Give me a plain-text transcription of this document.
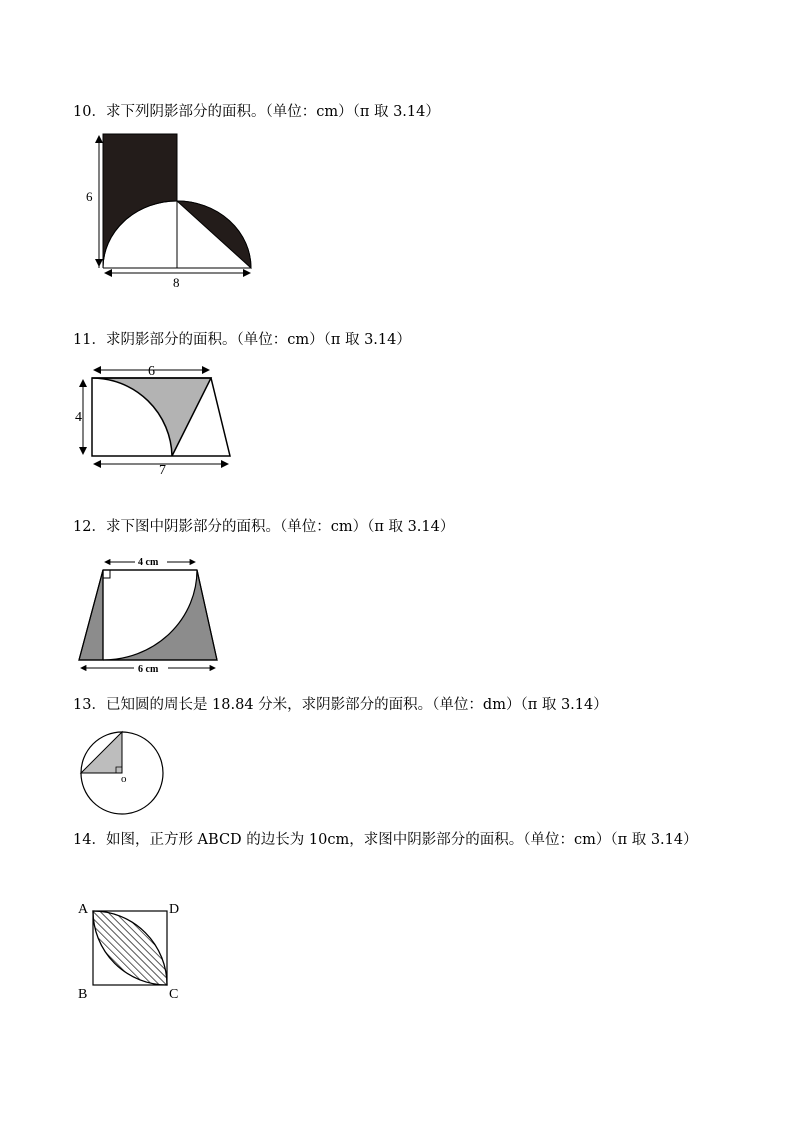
10．求下列阴影部分的面积。（单位：cm）（π 取 3.14）
6
8
11．求阴影部分的面积。（单位：cm）（π 取 3.14）
6
4
7
12．求下图中阴影部分的面积。（单位：cm）（π 取 3.14）
4 cm
6 cm
13．已知圆的周长是 18.84 分米，求阴影部分的面积。（单位：dm）（π 取 3.14）
o
14．如图，正方形 ABCD 的边长为 10cm，求图中阴影部分的面积。（单位：cm）（π 取 3.14）
A	D
B	C
